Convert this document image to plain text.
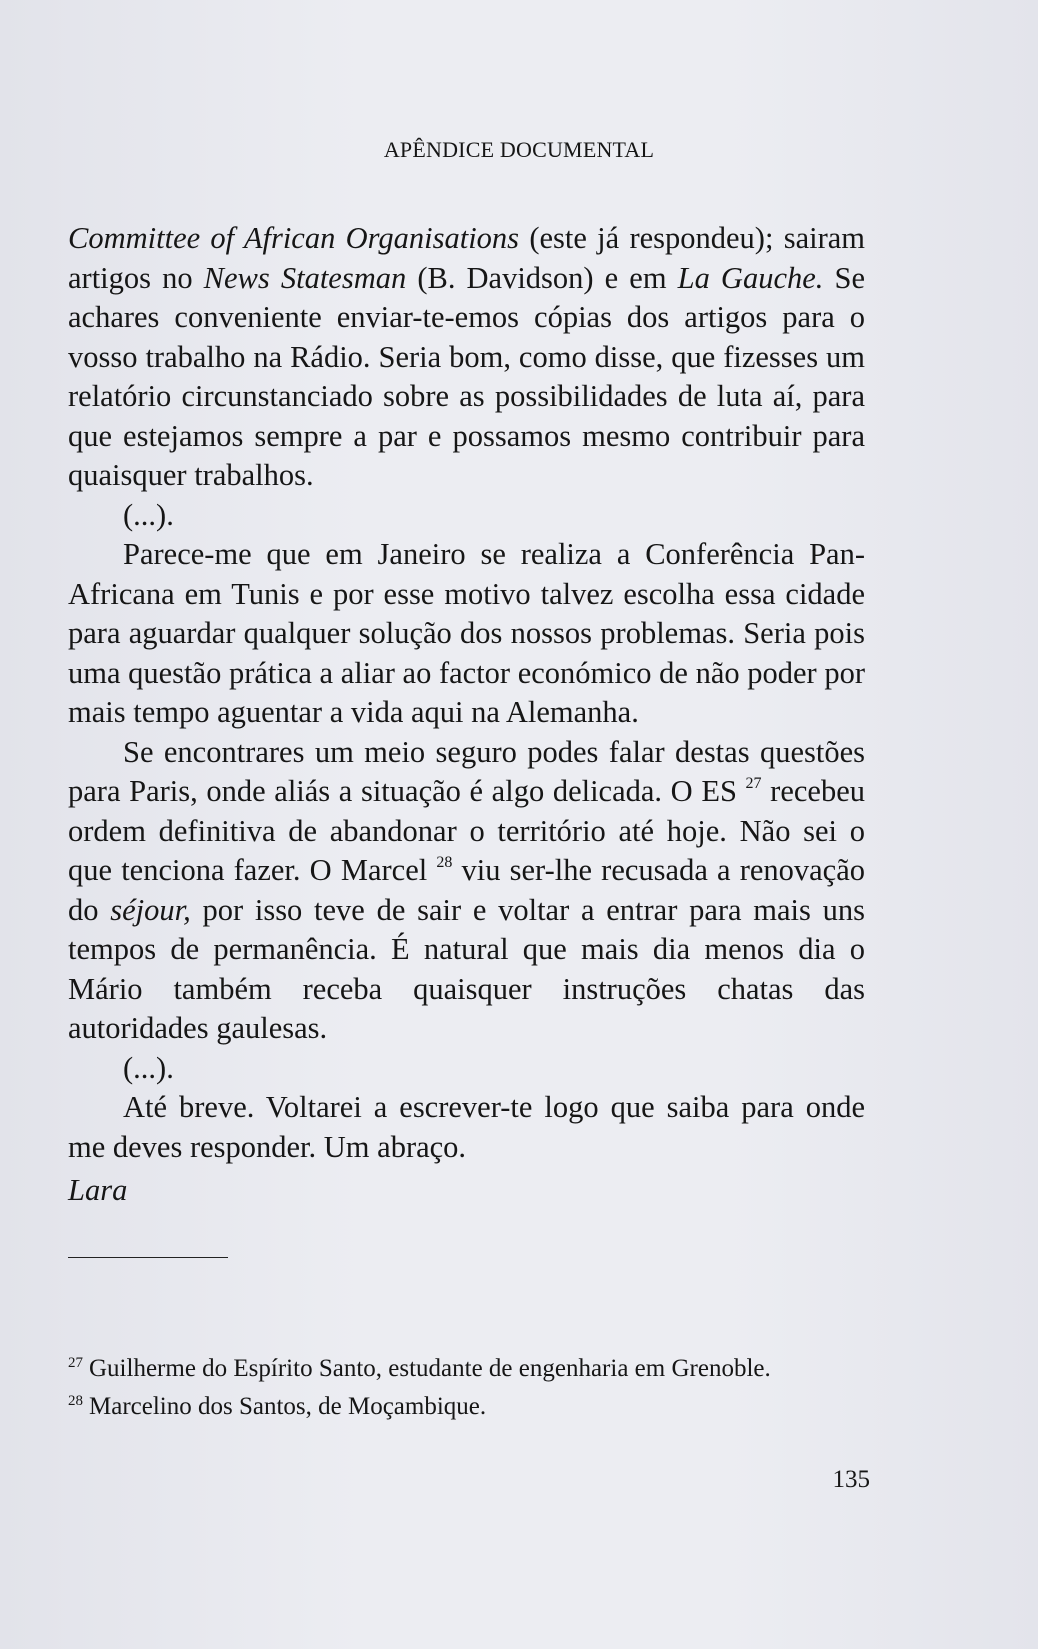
APÊNDICE DOCUMENTAL

Committee of African Organisations (este já respondeu); sairam artigos no News Statesman (B. Davidson) e em La Gauche. Se achares conveniente enviar-te-emos cópias dos artigos para o vosso trabalho na Rádio. Seria bom, como disse, que fizesses um relatório circunstanciado sobre as possibilidades de luta aí, para que estejamos sempre a par e possamos mesmo contribuir para quaisquer trabalhos.

(...).

Parece-me que em Janeiro se realiza a Conferência Pan-Africana em Tunis e por esse motivo talvez escolha essa cidade para aguardar qualquer solução dos nossos problemas. Seria pois uma questão prática a aliar ao factor económico de não poder por mais tempo aguentar a vida aqui na Alemanha.

Se encontrares um meio seguro podes falar destas questões para Paris, onde aliás a situação é algo delicada. O ES $^{27}$ recebeu ordem definitiva de abandonar o território até hoje. Não sei o que tenciona fazer. O Marcel $^{28}$ viu ser-lhe recusada a renovação do séjour, por isso teve de sair e voltar a entrar para mais uns tempos de permanência. É natural que mais dia menos dia o Mário também receba quaisquer instruções chatas das autoridades gaulesas.

(...).

Até breve. Voltarei a escrever-te logo que saiba para onde me deves responder. Um abraço.

Lara

$^{27}$ Guilherme do Espírito Santo, estudante de engenharia em Grenoble.

$^{28}$ Marcelino dos Santos, de Moçambique.

135
